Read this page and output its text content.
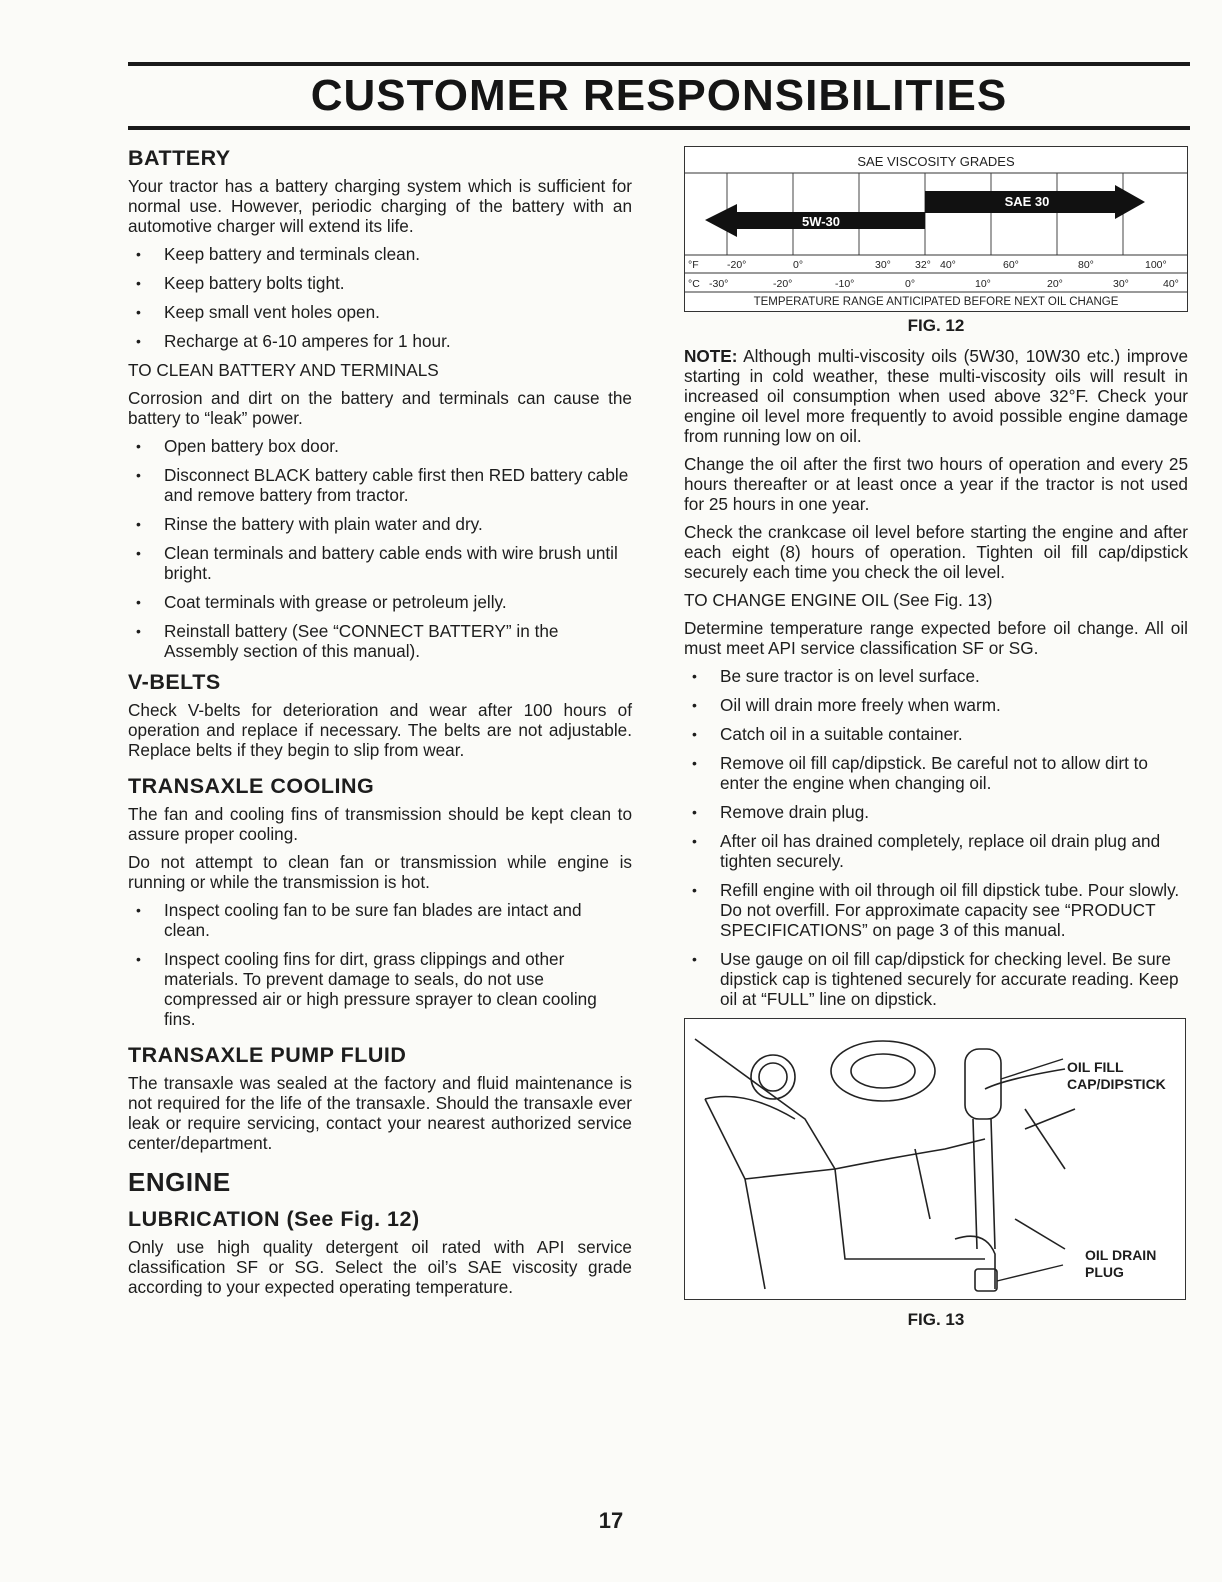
CUSTOMER RESPONSIBILITIES
BATTERY

Your tractor has a battery charging system which is sufficient for normal use. However, periodic charging of the battery with an automotive charger will extend its life.

• Keep battery and terminals clean.
• Keep battery bolts tight.
• Keep small vent holes open.
• Recharge at 6-10 amperes for 1 hour.
TO CLEAN BATTERY AND TERMINALS

Corrosion and dirt on the battery and terminals can cause the battery to “leak” power.

• Open battery box door.
• Disconnect BLACK battery cable first then RED battery cable and remove battery from tractor.
• Rinse the battery with plain water and dry.
• Clean terminals and battery cable ends with wire brush until bright.
• Coat terminals with grease or petroleum jelly.
• Reinstall battery (See “CONNECT BATTERY” in the Assembly section of this manual).
V-BELTS

Check V-belts for deterioration and wear after 100 hours of operation and replace if necessary. The belts are not adjustable. Replace belts if they begin to slip from wear.

TRANSAXLE COOLING

The fan and cooling fins of transmission should be kept clean to assure proper cooling.

Do not attempt to clean fan or transmission while engine is running or while the transmission is hot.

• Inspect cooling fan to be sure fan blades are intact and clean.
• Inspect cooling fins for dirt, grass clippings and other materials. To prevent damage to seals, do not use compressed air or high pressure sprayer to clean cooling fins.
TRANSAXLE PUMP FLUID

The transaxle was sealed at the factory and fluid maintenance is not required for the life of the transaxle. Should the transaxle ever leak or require servicing, contact your nearest authorized service center/department.

ENGINE
LUBRICATION (See Fig. 12)

Only use high quality detergent oil rated with API service classification SF or SG. Select the oil’s SAE viscosity grade according to your expected operating temperature.

SAE VISCOSITY GRADES
5W-30
SAE 30
°F	-20°	0°	30° 32° 40°	60°	80°	100°
°C -30°	-20°	-10°	0°	10°	20°	30°	40°
TEMPERATURE RANGE ANTICIPATED BEFORE NEXT OIL CHANGE
FIG. 12

NOTE: Although multi-viscosity oils (5W30, 10W30 etc.) improve starting in cold weather, these multi-viscosity oils will result in increased oil consumption when used above 32°F. Check your engine oil level more frequently to avoid possible engine damage from running low on oil.

Change the oil after the first two hours of operation and every 25 hours thereafter or at least once a year if the tractor is not used for 25 hours in one year.

Check the crankcase oil level before starting the engine and after each eight (8) hours of operation. Tighten oil fill cap/dipstick securely each time you check the oil level.

TO CHANGE ENGINE OIL (See Fig. 13)

Determine temperature range expected before oil change. All oil must meet API service classification SF or SG.

• Be sure tractor is on level surface.
• Oil will drain more freely when warm.
• Catch oil in a suitable container.
• Remove oil fill cap/dipstick. Be careful not to allow dirt to enter the engine when changing oil.
• Remove drain plug.
• After oil has drained completely, replace oil drain plug and tighten securely.
• Refill engine with oil through oil fill dipstick tube. Pour slowly. Do not overfill. For approximate capacity see “PRODUCT SPECIFICATIONS” on page 3 of this manual.
• Use gauge on oil fill cap/dipstick for checking level. Be sure dipstick cap is tightened securely for accurate reading. Keep oil at “FULL” line on dipstick.
OIL FILL
CAP/DIPSTICK
OIL DRAIN
PLUG
FIG. 13
17
